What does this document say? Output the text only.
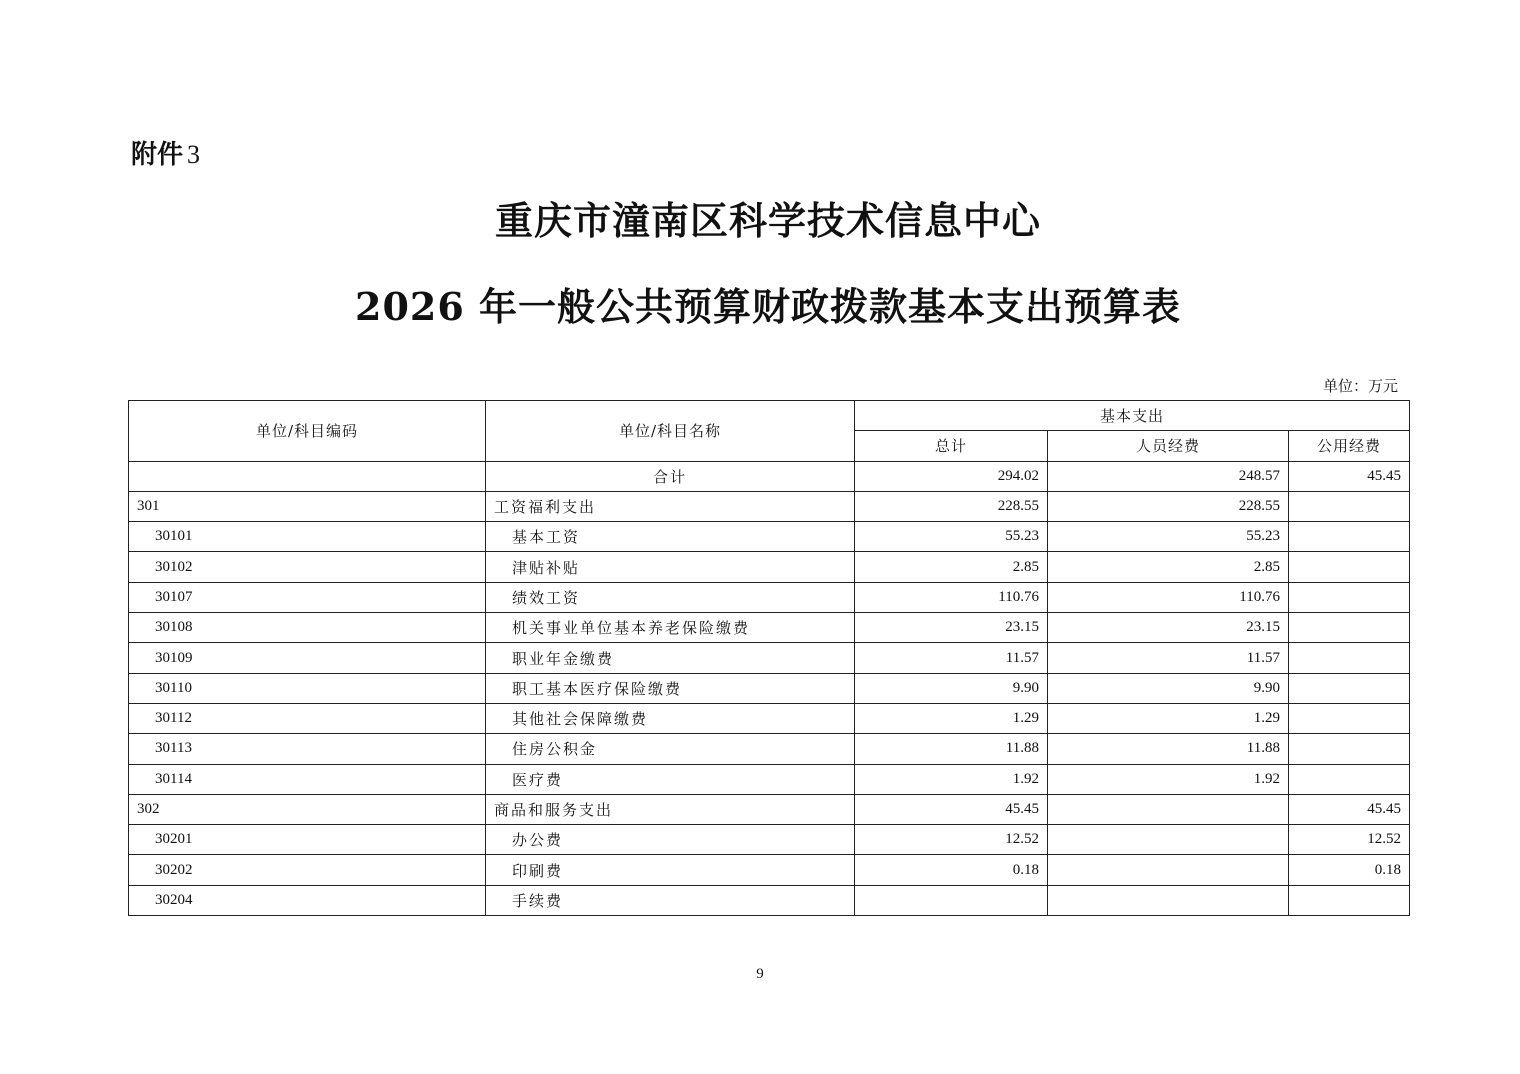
附件 3
重庆市潼南区科学技术信息中心
2026 年一般公共预算财政拨款基本支出预算表
单位：万元
单位/科目编码	单位/科目名称	基本支出		
		总计	人员经费	公用经费
	合计	294.02	248.57	45.45
301	工资福利支出	228.55	228.55	
30101	基本工资	55.23	55.23	
30102	津贴补贴	2.85	2.85	
30107	绩效工资	110.76	110.76	
30108	机关事业单位基本养老保险缴费	23.15	23.15	
30109	职业年金缴费	11.57	11.57	
30110	职工基本医疗保险缴费	9.90	9.90	
30112	其他社会保障缴费	1.29	1.29	
30113	住房公积金	11.88	11.88	
30114	医疗费	1.92	1.92	
302	商品和服务支出	45.45		45.45
30201	办公费	12.52		12.52
30202	印刷费	0.18		0.18
30204	手续费			
9
